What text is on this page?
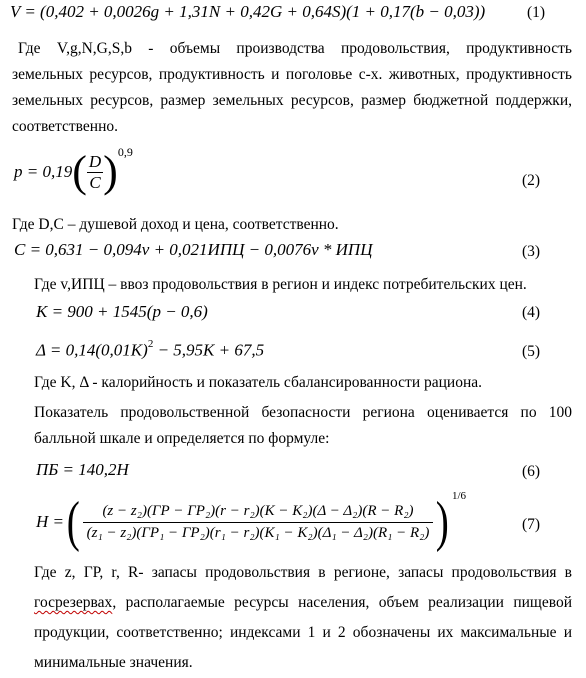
V = (0,402 + 0,0026g + 1,31N + 0,42G + 0,64S)(1 + 0,17(b − 0,03))	(1)
Где V,g,N,G,S,b - объемы производства продовольствия, продуктивность земельных ресурсов, продуктивность и поголовье с-х. животных, продуктивность земельных ресурсов, размер земельных ресурсов, размер бюджетной поддержки, соответственно.
$p = 0,19( \frac{D}{C} )^{0,9}$
(2)
Где D,C – душевой доход и цена, соответственно.
C = 0,631 − 0,094v + 0,021ИПЦ − 0,0076v * ИПЦ	(3)
Где v,ИПЦ – ввоз продовольствия в регион и индекс потребительских цен.
K = 900 + 1545(p − 0,6)	(4)
$\Delta = 0,14(0,01K)^2 - 5,95K + 67,5$	(5)
Где K, Δ - калорийность и показатель сбалансированности рациона.
Показатель продовольственной безопасности региона оценивается по 100 балльной шкале и определяется по формуле:
ПБ = 140,2H	(6)
H =( $\frac{\text{(z − z₂)(ГР − ГР₂)(r − r₂)(K − K₂)(Δ − Δ₂)(R − R₂)}}{\text{(z₁ − z₂)(ГР₁ − ГР₂)(r₁ − r₂)(K₁ − K₂)(Δ₁ − Δ₂)(R₁ − R₂)}}$ ) $^{1/6}$
(7)
Где z, ГР, r, R- запасы продовольствия в регионе, запасы продовольствия в госрезервах, располагаемые ресурсы населения, объем реализации пищевой продукции, соответственно; индексами 1 и 2 обозначены их максимальные и минимальные значения.
